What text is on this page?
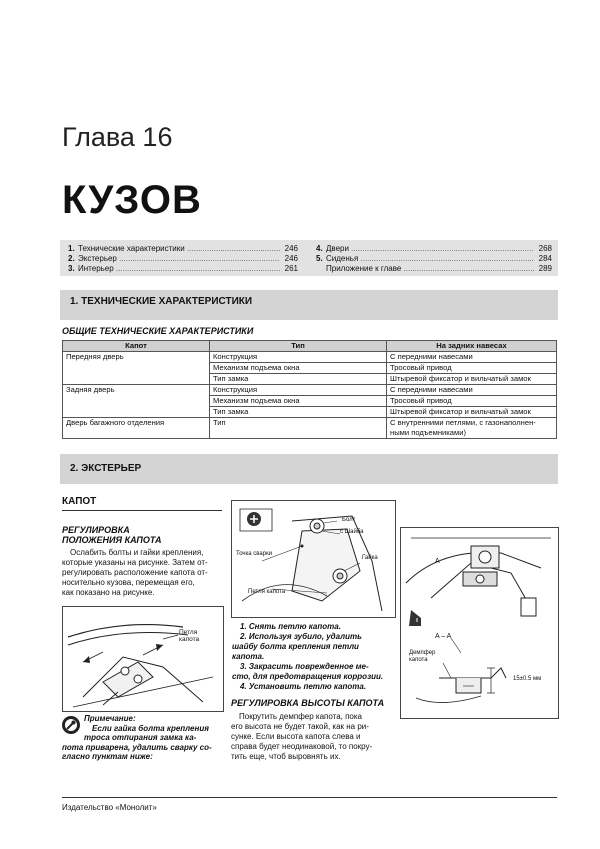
Глава 16
КУЗОВ
1. Технические характеристики .....	246
2. Экстерьер .....	246
3. Интерьер .....	261
4. Двери .....	268
5. Сиденья .....	284
Приложение к главе .....	289
1. ТЕХНИЧЕСКИЕ ХАРАКТЕРИСТИКИ
ОБЩИЕ ТЕХНИЧЕСКИЕ ХАРАКТЕРИСТИКИ
Капот	Тип	На задних навесах
Передняя дверь	Конструкция	С передними навесами
	Механизм подъема окна	Тросовый привод
	Тип замка	Штыревой фиксатор и вильчатый замок
Задняя дверь	Конструкция	С передними навесами
	Механизм подъема окна	Тросовый привод
	Тип замка	Штыревой фиксатор и вильчатый замок
Дверь багажного отделения	Тип	С внутренними петлями, с газонаполнен-
		ными подъемниками)
2. ЭКСТЕРЬЕР
КАПОТ
РЕГУЛИРОВКА
ПОЛОЖЕНИЯ КАПОТА
Ослабить болты и гайки крепления,
которые указаны на рисунке. Затем от-
регулировать расположение капота от-
носительно кузова, перемещая его,
как показано на рисунке.
Петля
капота
Примечание:
Если гайка болта крепления
троса отпирания замка ка-
пота приварена, удалить сварку со-
гласно пунктам ниже:
Болт
с Шайба
Точка сварки
Гайка
Петля капота
1. Снять петлю капота.
2. Используя зубило, удалить
шайбу болта крепления петли капота.
3. Закрасить поврежденное ме-
сто, для предотвращения коррозии.
4. Установить петлю капота.
РЕГУЛИРОВКА ВЫСОТЫ КАПОТА
Покрутить демпфер капота, пока
его высота не будет такой, как на ри-
сунке. Если высота капота слева и
справа будет неодинаковой, то покру-
тить еще, чтоб выровнять их.
A
A – A
Демпфер
капота
15±0.5 мм
Издательство «Монолит»
